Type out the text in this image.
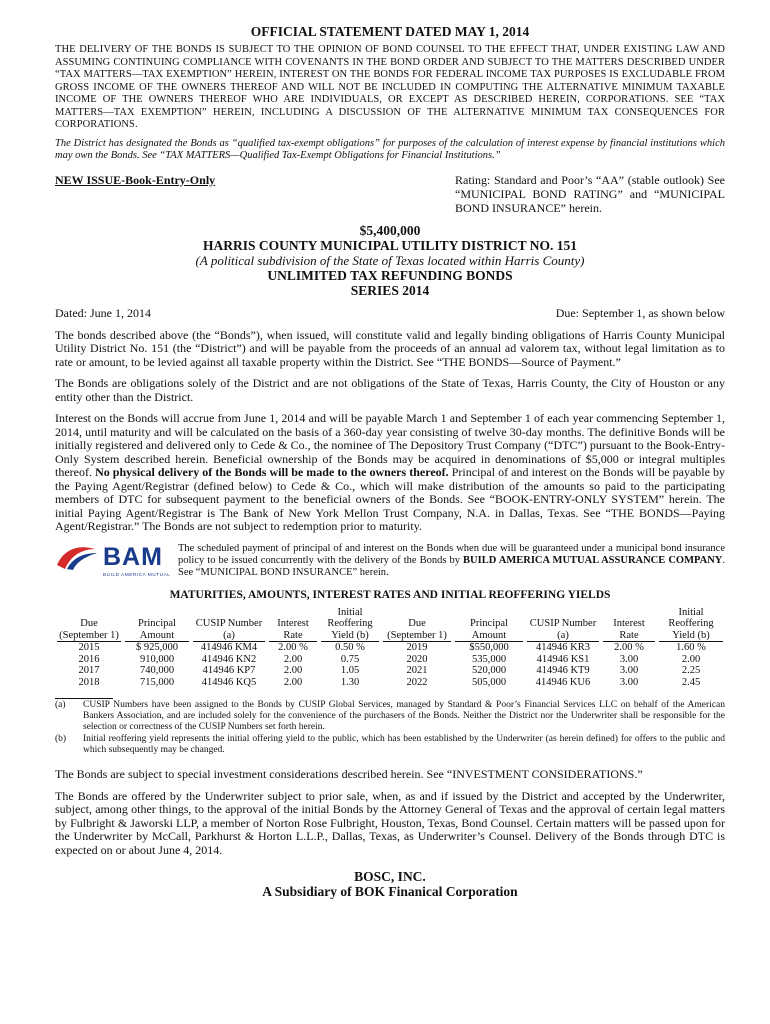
OFFICIAL STATEMENT DATED MAY 1, 2014

THE DELIVERY OF THE BONDS IS SUBJECT TO THE OPINION OF BOND COUNSEL TO THE EFFECT THAT, UNDER EXISTING LAW AND ASSUMING CONTINUING COMPLIANCE WITH COVENANTS IN THE BOND ORDER AND SUBJECT TO THE MATTERS DESCRIBED UNDER “TAX MATTERS—TAX EXEMPTION” HEREIN, INTEREST ON THE BONDS FOR FEDERAL INCOME TAX PURPOSES IS EXCLUDABLE FROM GROSS INCOME OF THE OWNERS THEREOF AND WILL NOT BE INCLUDED IN COMPUTING THE ALTERNATIVE MINIMUM TAXABLE INCOME OF THE OWNERS THEREOF WHO ARE INDIVIDUALS, OR EXCEPT AS DESCRIBED HEREIN, CORPORATIONS. SEE “TAX MATTERS—TAX EXEMPTION” HEREIN, INCLUDING A DISCUSSION OF THE ALTERNATIVE MINIMUM TAX CONSEQUENCES FOR CORPORATIONS.

The District has designated the Bonds as “qualified tax-exempt obligations” for purposes of the calculation of interest expense by financial institutions which may own the Bonds. See “TAX MATTERS—Qualified Tax-Exempt Obligations for Financial Institutions.”

NEW ISSUE-Book-Entry-Only	Rating: Standard and Poor’s “AA” (stable outlook) See “MUNICIPAL BOND RATING” and “MUNICIPAL BOND INSURANCE” herein.
$5,400,000
HARRIS COUNTY MUNICIPAL UTILITY DISTRICT NO. 151
(A political subdivision of the State of Texas located within Harris County)
UNLIMITED TAX REFUNDING BONDS
SERIES 2014
Dated: June 1, 2014	Due: September 1, as shown below

The bonds described above (the “Bonds”), when issued, will constitute valid and legally binding obligations of Harris County Municipal Utility District No. 151 (the “District”) and will be payable from the proceeds of an annual ad valorem tax, without legal limitation as to rate or amount, to be levied against all taxable property within the District. See “THE BONDS—Source of Payment.”

The Bonds are obligations solely of the District and are not obligations of the State of Texas, Harris County, the City of Houston or any entity other than the District.

Interest on the Bonds will accrue from June 1, 2014 and will be payable March 1 and September 1 of each year commencing September 1, 2014, until maturity and will be calculated on the basis of a 360-day year consisting of twelve 30-day months. The definitive Bonds will be initially registered and delivered only to Cede & Co., the nominee of The Depository Trust Company (“DTC”) pursuant to the Book-Entry-Only System described herein. Beneficial ownership of the Bonds may be acquired in denominations of $5,000 or integral multiples thereof. No physical delivery of the Bonds will be made to the owners thereof. Principal of and interest on the Bonds will be payable by the Paying Agent/Registrar (defined below) to Cede & Co., which will make distribution of the amounts so paid to the participating members of DTC for subsequent payment to the beneficial owners of the Bonds. See “BOOK-ENTRY-ONLY SYSTEM” herein. The initial Paying Agent/Registrar is The Bank of New York Mellon Trust Company, N.A. in Dallas, Texas. See “THE BONDS—Paying Agent/Registrar.” The Bonds are not subject to redemption prior to maturity.

BAM
BUILD AMERICA MUTUAL
The scheduled payment of principal of and interest on the Bonds when due will be guaranteed under a municipal bond insurance policy to be issued concurrently with the delivery of the Bonds by BUILD AMERICA MUTUAL ASSURANCE COMPANY. See “MUNICIPAL BOND INSURANCE” herein.
MATURITIES, AMOUNTS, INTEREST RATES AND INITIAL REOFFERING YIELDS
Due (September 1)	Principal Amount	CUSIP Number (a)	Interest Rate	Initial Reoffering Yield (b)	Due (September 1)	Principal Amount	CUSIP Number (a)	Interest Rate	Initial Reoffering Yield (b)
2015	$ 925,000	414946 KM4	2.00 %	0.50 %	2019	$550,000	414946 KR3	2.00 %	1.60 %
2016	910,000	414946 KN2	2.00	0.75	2020	535,000	414946 KS1	3.00	2.00
2017	740,000	414946 KP7	2.00	1.05	2021	520,000	414946 KT9	3.00	2.25
2018	715,000	414946 KQ5	2.00	1.30	2022	505,000	414946 KU6	3.00	2.45
(a)	CUSIP Numbers have been assigned to the Bonds by CUSIP Global Services, managed by Standard & Poor’s Financial Services LLC on behalf of the American Bankers Association, and are included solely for the convenience of the purchasers of the Bonds. Neither the District nor the Underwriter shall be responsible for the selection or correctness of the CUSIP Numbers set forth herein.
(b)	Initial reoffering yield represents the initial offering yield to the public, which has been established by the Underwriter (as herein defined) for offers to the public and which subsequently may be changed.

The Bonds are subject to special investment considerations described herein. See “INVESTMENT CONSIDERATIONS.”

The Bonds are offered by the Underwriter subject to prior sale, when, as and if issued by the District and accepted by the Underwriter, subject, among other things, to the approval of the initial Bonds by the Attorney General of Texas and the approval of certain legal matters by Fulbright & Jaworski LLP, a member of Norton Rose Fulbright, Houston, Texas, Bond Counsel. Certain matters will be passed upon for the Underwriter by McCall, Parkhurst & Horton L.L.P., Dallas, Texas, as Underwriter’s Counsel. Delivery of the Bonds through DTC is expected on or about June 4, 2014.

BOSC, INC.
A Subsidiary of BOK Finanical Corporation
